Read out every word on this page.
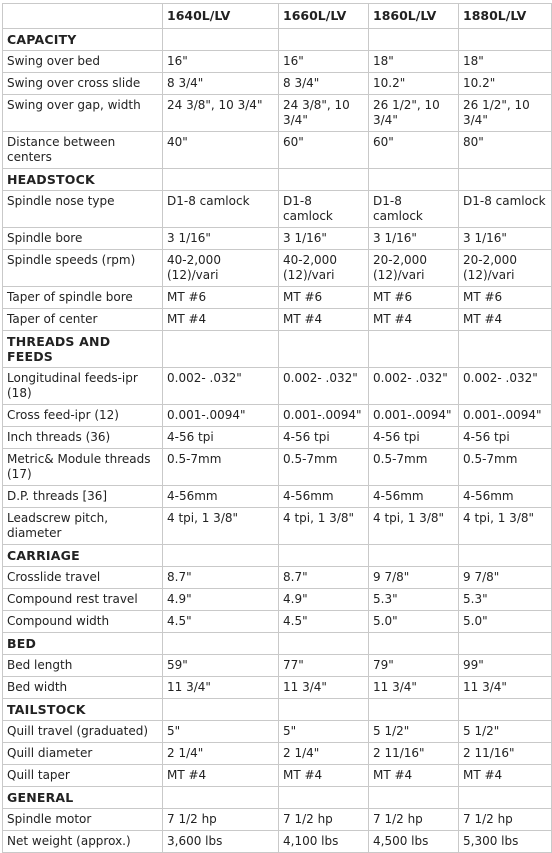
	1640L/LV	1660L/LV	1860L/LV	1880L/LV
CAPACITY				
Swing over bed	16"	16"	18"	18"
Swing over cross slide	8 3/4"	8 3/4"	10.2"	10.2"
Swing over gap, width	24 3/8", 10 3/4"	24 3/8", 10 3/4"	26 1/2", 10 3/4"	26 1/2", 10 3/4"
Distance between centers	40"	60"	60"	80"
HEADSTOCK				
Spindle nose type	D1-8 camlock	D1-8 camlock	D1-8 camlock	D1-8 camlock
Spindle bore	3 1/16"	3 1/16"	3 1/16"	3 1/16"
Spindle speeds (rpm)	40-2,000 (12)/vari	40-2,000 (12)/vari	20-2,000 (12)/vari	20-2,000 (12)/vari
Taper of spindle bore	MT #6	MT #6	MT #6	MT #6
Taper of center	MT #4	MT #4	MT #4	MT #4
THREADS AND FEEDS				
Longitudinal feeds-ipr (18)	0.002- .032"	0.002- .032"	0.002- .032"	0.002- .032"
Cross feed-ipr (12)	0.001-.0094"	0.001-.0094"	0.001-.0094"	0.001-.0094"
Inch threads (36)	4-56 tpi	4-56 tpi	4-56 tpi	4-56 tpi
Metric& Module threads (17)	0.5-7mm	0.5-7mm	0.5-7mm	0.5-7mm
D.P. threads [36]	4-56mm	4-56mm	4-56mm	4-56mm
Leadscrew pitch, diameter	4 tpi, 1 3/8"	4 tpi, 1 3/8"	4 tpi, 1 3/8"	4 tpi, 1 3/8"
CARRIAGE				
Crosslide travel	8.7"	8.7"	9 7/8"	9 7/8"
Compound rest travel	4.9"	4.9"	5.3"	5.3"
Compound width	4.5"	4.5"	5.0"	5.0"
BED				
Bed length	59"	77"	79"	99"
Bed width	11 3/4"	11 3/4"	11 3/4"	11 3/4"
TAILSTOCK				
Quill travel (graduated)	5"	5"	5 1/2"	5 1/2"
Quill diameter	2 1/4"	2 1/4"	2 11/16"	2 11/16"
Quill taper	MT #4	MT #4	MT #4	MT #4
GENERAL				
Spindle motor	7 1/2 hp	7 1/2 hp	7 1/2 hp	7 1/2 hp
Net weight (approx.)	3,600 lbs	4,100 lbs	4,500 lbs	5,300 lbs
